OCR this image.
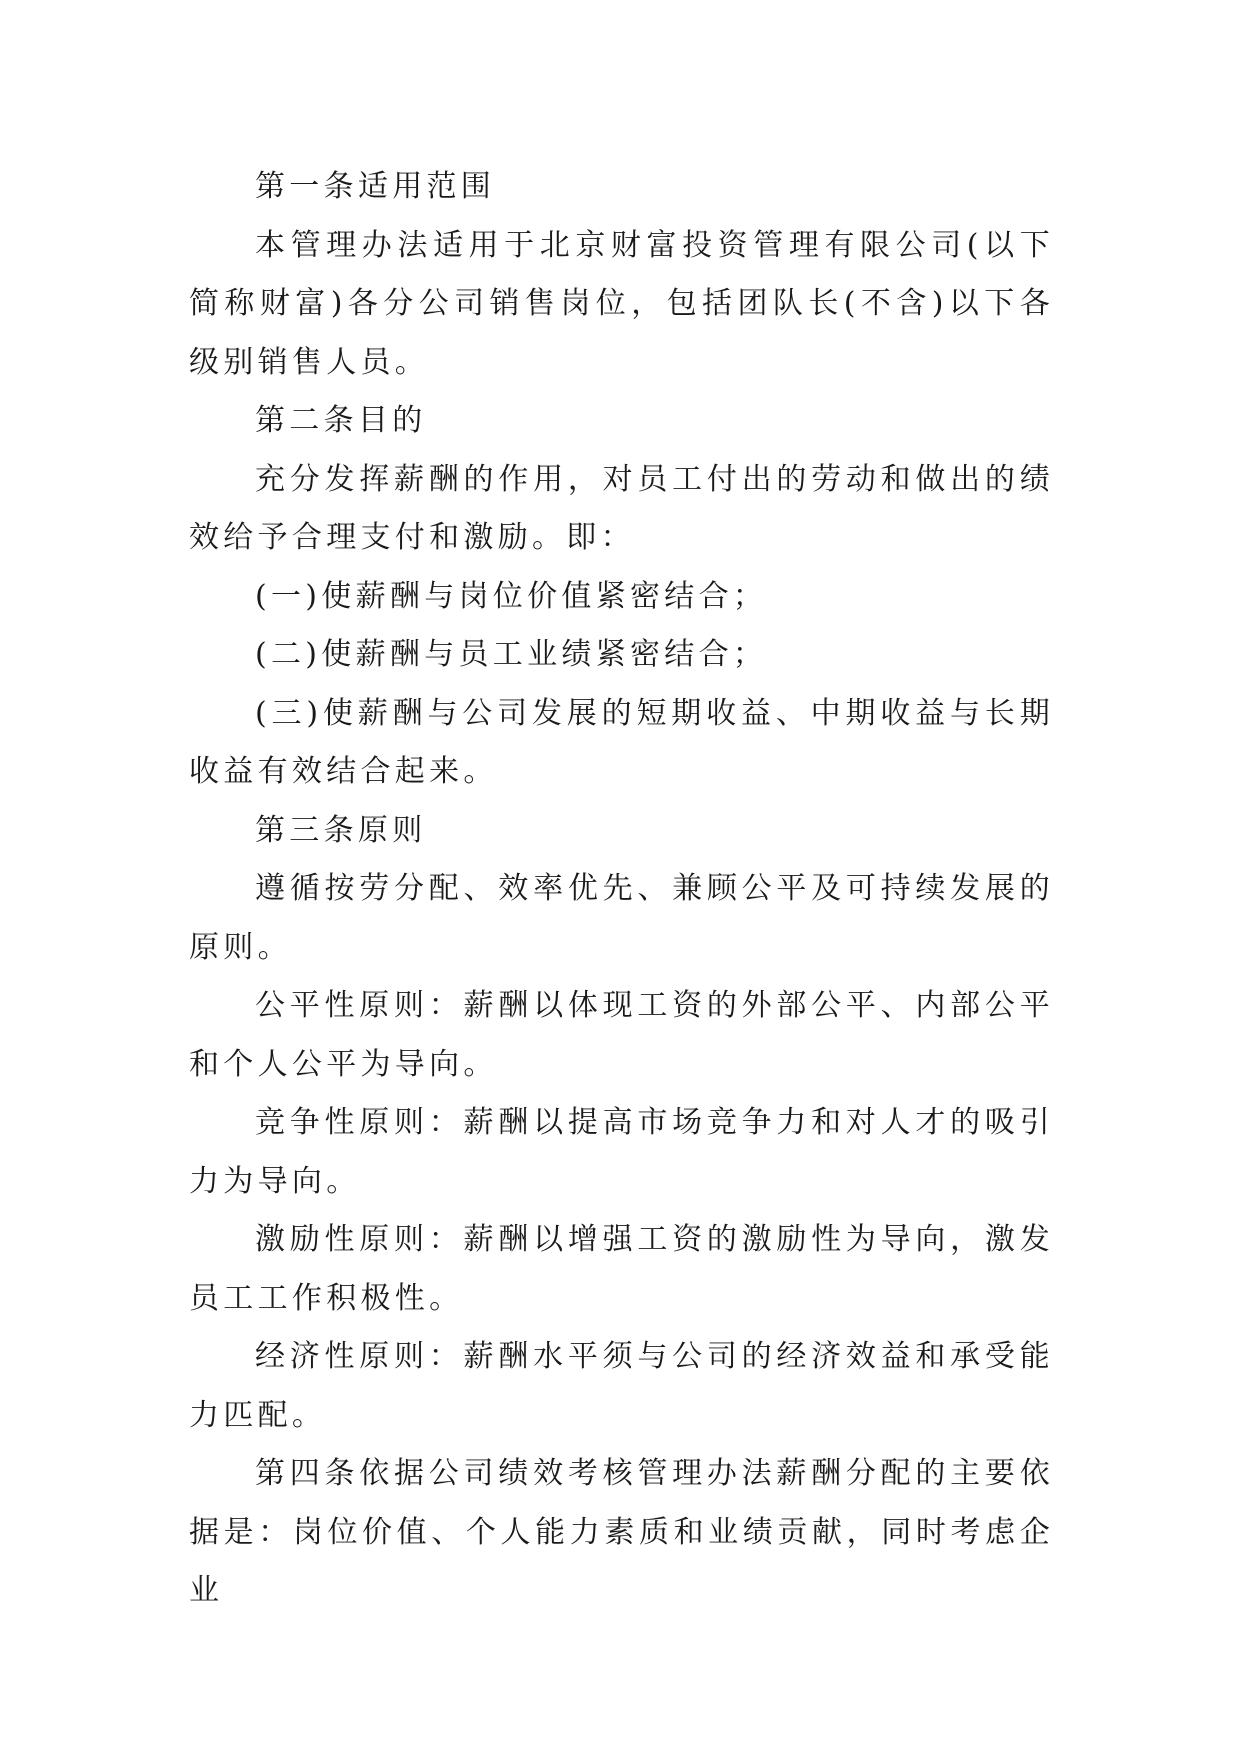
第一条适用范围

本管理办法适用于北京财富投资管理有限公司(以下简称财富)各分公司销售岗位，包括团队长(不含)以下各级别销售人员。

第二条目的

充分发挥薪酬的作用，对员工付出的劳动和做出的绩效给予合理支付和激励。即：

(一)使薪酬与岗位价值紧密结合；

(二)使薪酬与员工业绩紧密结合；

(三)使薪酬与公司发展的短期收益、中期收益与长期收益有效结合起来。

第三条原则

遵循按劳分配、效率优先、兼顾公平及可持续发展的原则。

公平性原则：薪酬以体现工资的外部公平、内部公平和个人公平为导向。

竞争性原则：薪酬以提高市场竞争力和对人才的吸引力为导向。

激励性原则：薪酬以增强工资的激励性为导向，激发员工工作积极性。

经济性原则：薪酬水平须与公司的经济效益和承受能力匹配。

第四条依据公司绩效考核管理办法薪酬分配的主要依据是：岗位价值、个人能力素质和业绩贡献，同时考虑企业
